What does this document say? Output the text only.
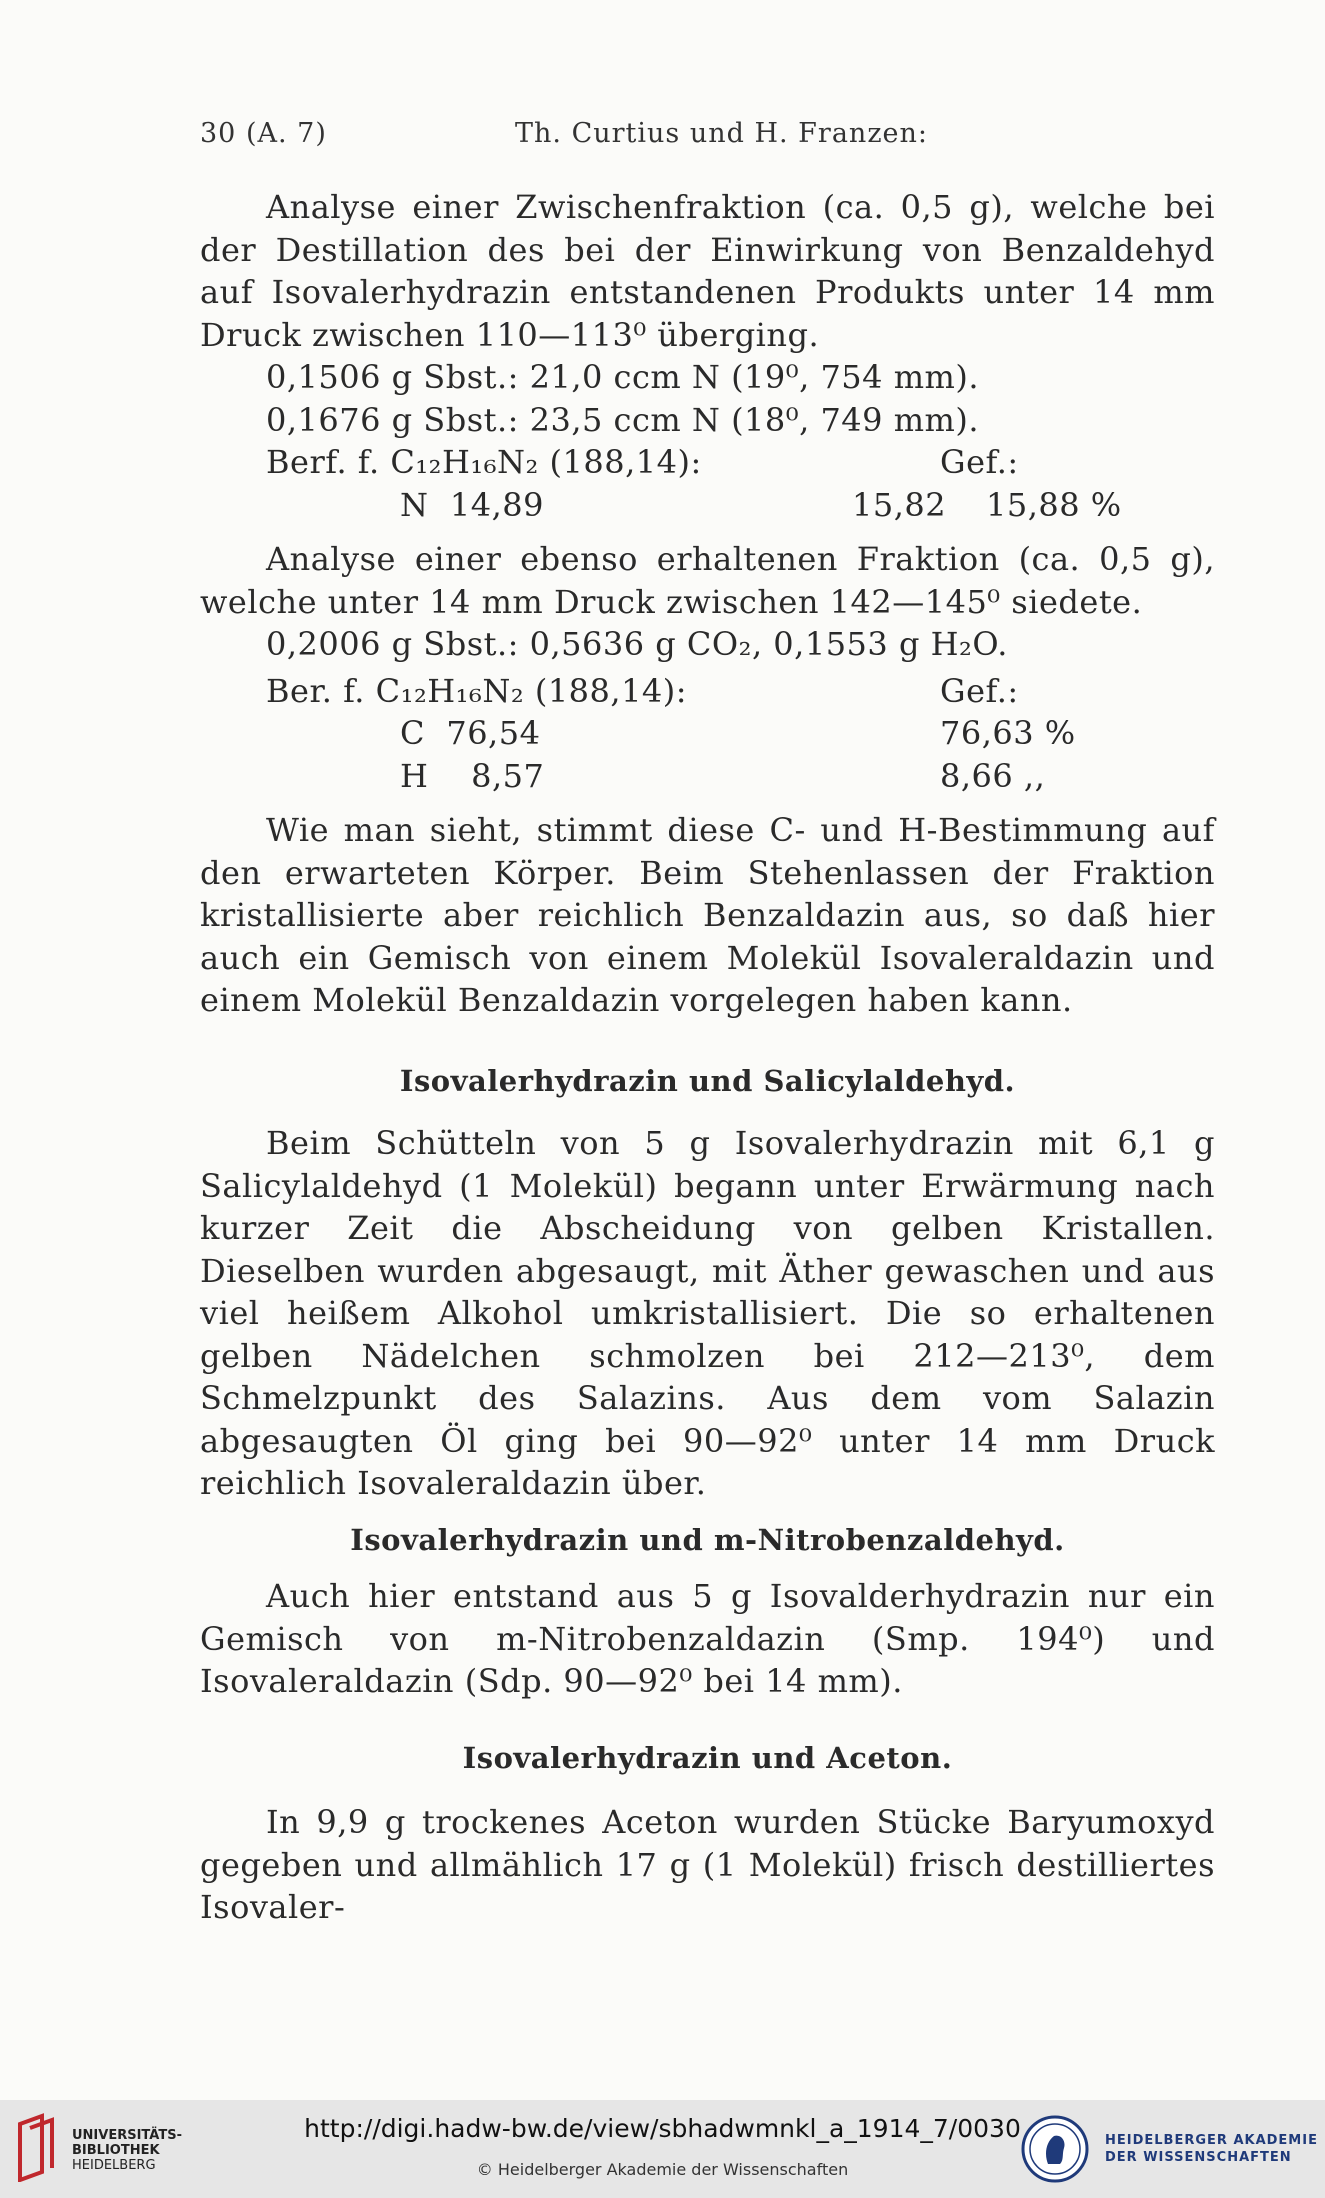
30 (A. 7)	Th. Curtius und H. Franzen:

Analyse einer Zwischenfraktion (ca. 0,5 g), welche bei der Destillation des bei der Einwirkung von Benzaldehyd auf Isovalerhydrazin entstandenen Produkts unter 14 mm Druck zwischen 110—113⁰ überging.

0,1506 g Sbst.: 21,0 ccm N (19⁰, 754 mm).

0,1676 g Sbst.: 23,5 ccm N (18⁰, 749 mm).

Berf. f. C₁₂H₁₆N₂ (188,14):	Gef.:
N  14,89	15,82 15,88 %

Analyse einer ebenso erhaltenen Fraktion (ca. 0,5 g), welche unter 14 mm Druck zwischen 142—145⁰ siedete.

0,2006 g Sbst.: 0,5636 g CO₂, 0,1553 g H₂O.

Ber. f. C₁₂H₁₆N₂ (188,14):	Gef.:
C  76,54	76,63 %
H    8,57	8,66 ,,

Wie man sieht, stimmt diese C- und H-Bestimmung auf den erwarteten Körper. Beim Stehenlassen der Fraktion kristallisierte aber reichlich Benzaldazin aus, so daß hier auch ein Gemisch von einem Molekül Isovaleraldazin und einem Molekül Benzaldazin vorgelegen haben kann.

Isovalerhydrazin und Salicylaldehyd.

Beim Schütteln von 5 g Isovalerhydrazin mit 6,1 g Salicylaldehyd (1 Molekül) begann unter Erwärmung nach kurzer Zeit die Abscheidung von gelben Kristallen. Dieselben wurden abgesaugt, mit Äther gewaschen und aus viel heißem Alkohol umkristallisiert. Die so erhaltenen gelben Nädelchen schmolzen bei 212—213⁰, dem Schmelzpunkt des Salazins. Aus dem vom Salazin abgesaugten Öl ging bei 90—92⁰ unter 14 mm Druck reichlich Isovaleraldazin über.

Isovalerhydrazin und m-Nitrobenzaldehyd.

Auch hier entstand aus 5 g Isovalderhydrazin nur ein Gemisch von m-Nitrobenzaldazin (Smp. 194⁰) und Isovaleraldazin (Sdp. 90—92⁰ bei 14 mm).

Isovalerhydrazin und Aceton.

In 9,9 g trockenes Aceton wurden Stücke Baryumoxyd gegeben und allmählich 17 g (1 Molekül) frisch destilliertes Isovaler-

UNIVERSITÄTS-
BIBLIOTHEK
HEIDELBERG
http://digi.hadw-bw.de/view/sbhadwmnkl_a_1914_7/0030
© Heidelberger Akademie der Wissenschaften
HEIDELBERGER AKADEMIE
DER WISSENSCHAFTEN
